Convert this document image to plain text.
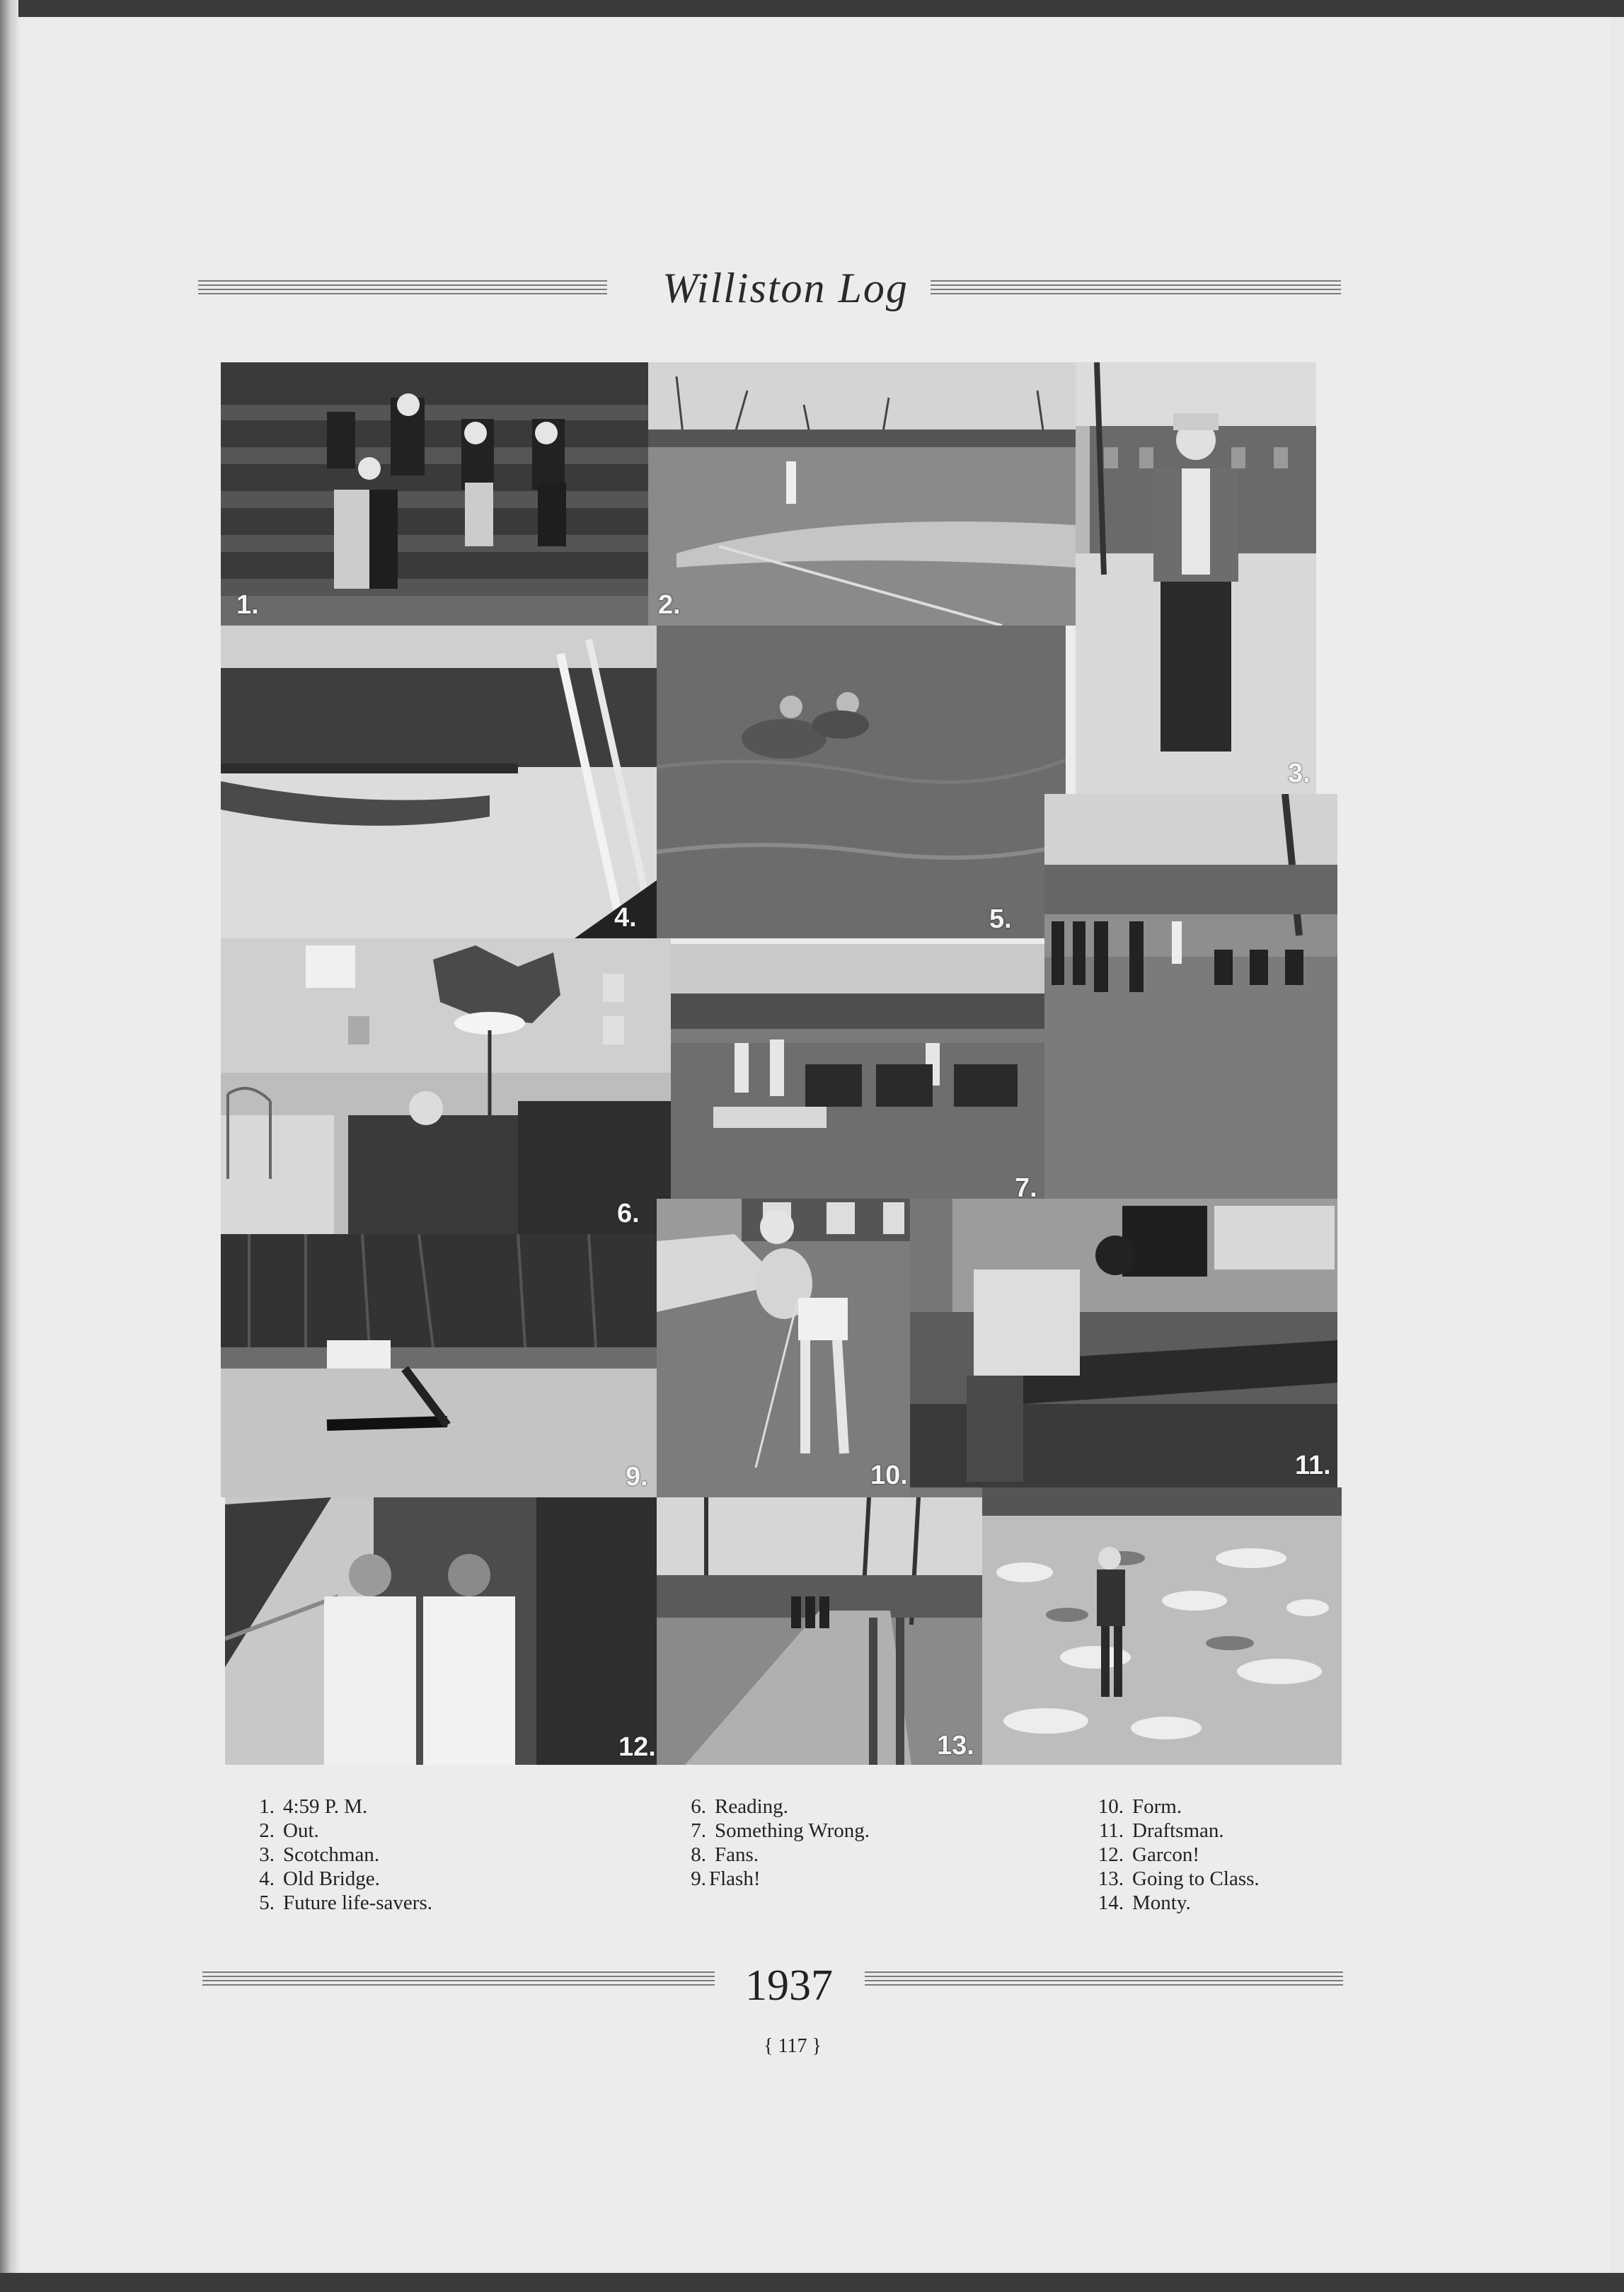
Williston Log
1.	2.
3.
4.	5.
6.
7.
9.	10.	11.
12.	13.
1. 4:59 P. M.
2. Out.
3. Scotchman.
4. Old Bridge.
5. Future life-savers.
6. Reading.
7. Something Wrong.
8. Fans.
9. Flash!
10. Form.
11. Draftsman.
12. Garcon!
13. Going to Class.
14. Monty.
1937
{ 117 }
